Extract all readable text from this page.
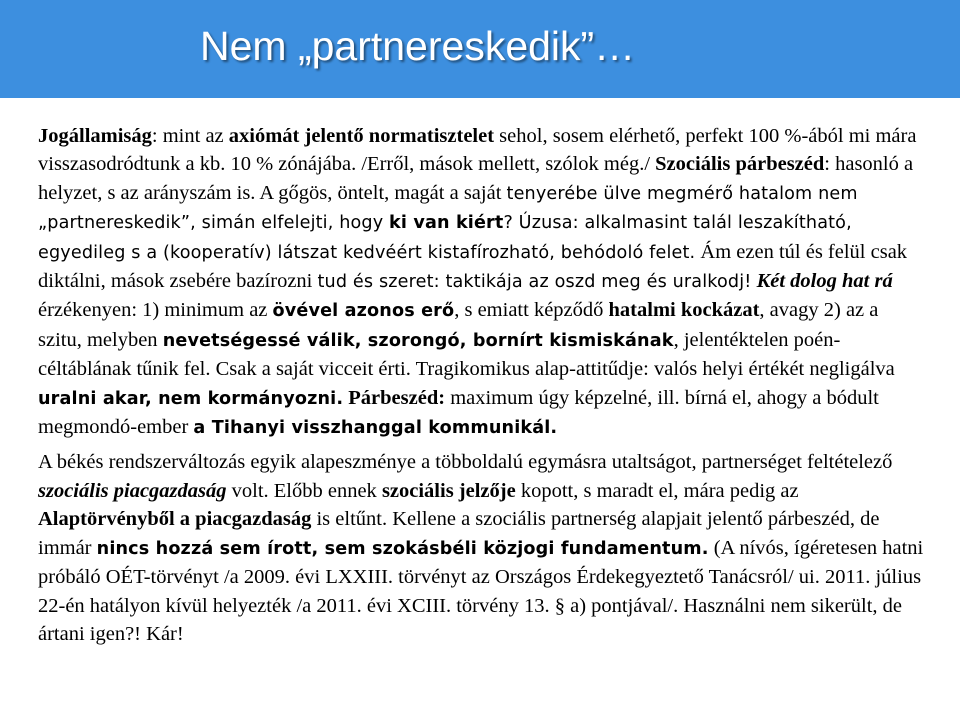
Nem „partnereskedik”…

Jogállamiság: mint az axiómát jelentő normatisztelet sehol, sosem elérhető, perfekt 100 %-ából mi mára visszasodródtunk a kb. 10 % zónájába. /Erről, mások mellett, szólok még./ Szociális párbeszéd: hasonló a helyzet, s az arányszám is. A gőgös, öntelt, magát a saját tenyerébe ülve megmérő hatalom nem „partnereskedik”, simán elfelejti, hogy ki van kiért? Úzusa: alkalmasint talál leszakítható, egyedileg s a (kooperatív) látszat kedvéért kistafírozható, behódoló felet. Ám ezen túl és felül csak diktálni, mások zsebére bazírozni tud és szeret: taktikája az oszd meg és uralkodj! Két dolog hat rá érzékenyen: 1) minimum az övével azonos erő, s emiatt képződő hatalmi kockázat, avagy 2) az a szitu, melyben nevetségessé válik, szorongó, bornírt kismiskának, jelentéktelen poén-céltáblának tűnik fel. Csak a saját vicceit érti. Tragikomikus alap-attitűdje: valós helyi értékét negligálva uralni akar, nem kormányozni. Párbeszéd: maximum úgy képzelné, ill. bírná el, ahogy a bódult megmondó-ember a Tihanyi visszhanggal kommunikál.

A békés rendszerváltozás egyik alapeszménye a többoldalú egymásra utaltságot, partnerséget feltételező szociális piacgazdaság volt. Előbb ennek szociális jelzője kopott, s maradt el, mára pedig az Alaptörvényből a piacgazdaság is eltűnt. Kellene a szociális partnerség alapjait jelentő párbeszéd, de immár nincs hozzá sem írott, sem szokásbéli közjogi fundamentum. (A nívós, ígéretesen hatni próbáló OÉT-törvényt /a 2009. évi LXXIII. törvényt az Országos Érdekegyeztető Tanácsról/ ui. 2011. július 22-én hatályon kívül helyezték /a 2011. évi XCIII. törvény 13. § a) pontjával/. Használni nem sikerült, de ártani igen?! Kár!
